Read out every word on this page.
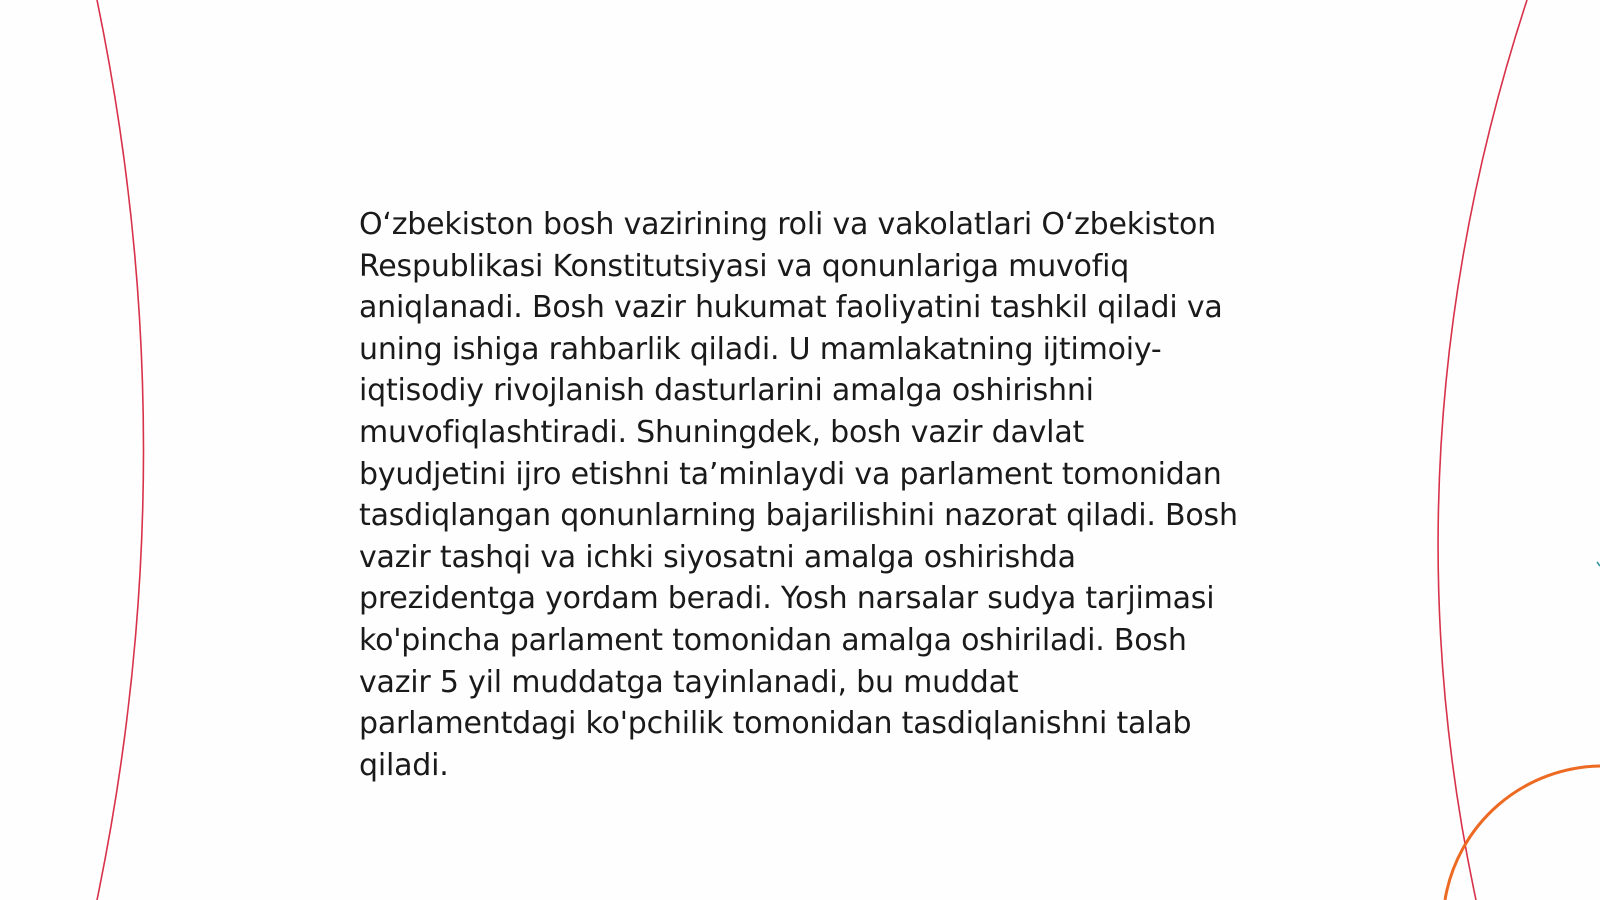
O‘zbekiston bosh vazirining roli va vakolatlari O‘zbekiston Respublikasi Konstitutsiyasi va qonunlariga muvofiq aniqlanadi. Bosh vazir hukumat faoliyatini tashkil qiladi va uning ishiga rahbarlik qiladi. U mamlakatning ijtimoiy-iqtisodiy rivojlanish dasturlarini amalga oshirishni muvofiqlashtiradi. Shuningdek, bosh vazir davlat byudjetini ijro etishni ta’minlaydi va parlament tomonidan tasdiqlangan qonunlarning bajarilishini nazorat qiladi. Bosh vazir tashqi va ichki siyosatni amalga oshirishda prezidentga yordam beradi. Yosh narsalar sudya tarjimasi ko'pincha parlament tomonidan amalga oshiriladi. Bosh vazir 5 yil muddatga tayinlanadi, bu muddat parlamentdagi ko'pchilik tomonidan tasdiqlanishni talab qiladi.
